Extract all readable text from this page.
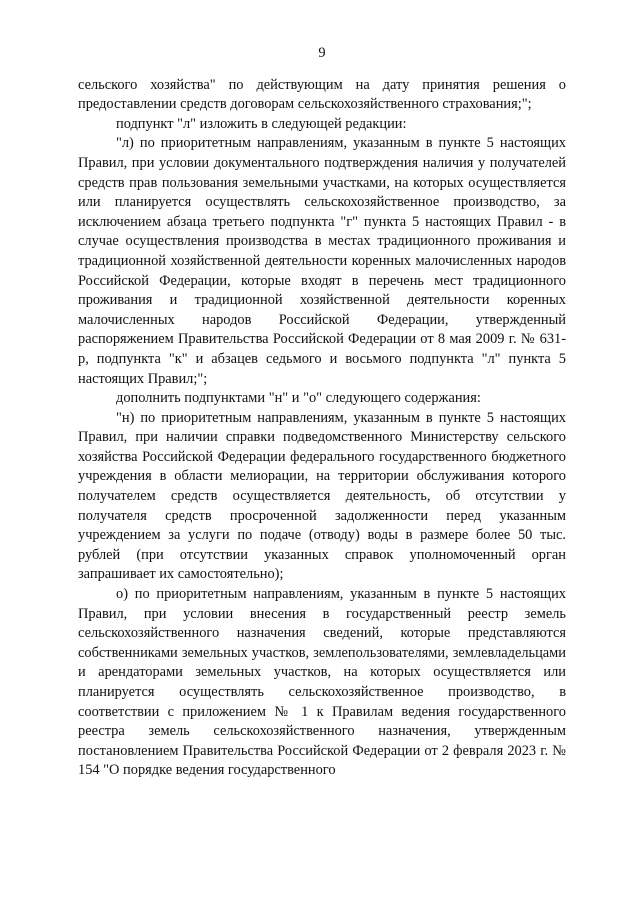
9

сельского хозяйства" по действующим на дату принятия решения о предоставлении средств договорам сельскохозяйственного страхования;";

подпункт "л" изложить в следующей редакции:

"л) по приоритетным направлениям, указанным в пункте 5 настоящих Правил, при условии документального подтверждения наличия у получателей средств прав пользования земельными участками, на которых осуществляется или планируется осуществлять сельскохозяйственное производство, за исключением абзаца третьего подпункта "г" пункта 5 настоящих Правил - в случае осуществления производства в местах традиционного проживания и традиционной хозяйственной деятельности коренных малочисленных народов Российской Федерации, которые входят в перечень мест традиционного проживания и традиционной хозяйственной деятельности коренных малочисленных народов Российской Федерации, утвержденный распоряжением Правительства Российской Федерации от 8 мая 2009 г. № 631-р, подпункта "к" и абзацев седьмого и восьмого подпункта "л" пункта 5 настоящих Правил;";

дополнить подпунктами "н" и "о" следующего содержания:

"н) по приоритетным направлениям, указанным в пункте 5 настоящих Правил, при наличии справки подведомственного Министерству сельского хозяйства Российской Федерации федерального государственного бюджетного учреждения в области мелиорации, на территории обслуживания которого получателем средств осуществляется деятельность, об отсутствии у получателя средств просроченной задолженности перед указанным учреждением за услуги по подаче (отводу) воды в размере более 50 тыс. рублей (при отсутствии указанных справок уполномоченный орган запрашивает их самостоятельно);

о) по приоритетным направлениям, указанным в пункте 5 настоящих Правил, при условии внесения в государственный реестр земель сельскохозяйственного назначения сведений, которые представляются собственниками земельных участков, землепользователями, землевладельцами и арендаторами земельных участков, на которых осуществляется или планируется осуществлять сельскохозяйственное производство, в соответствии с приложением № 1 к Правилам ведения государственного реестра земель сельскохозяйственного назначения, утвержденным постановлением Правительства Российской Федерации от 2 февраля 2023 г. № 154 "О порядке ведения государственного
